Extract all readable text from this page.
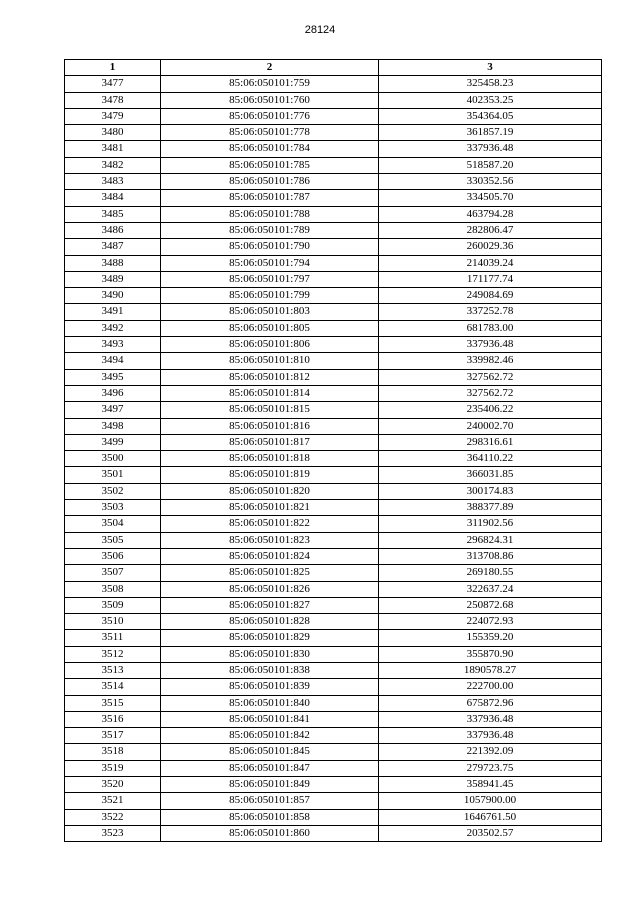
28124
1	2	3
3477	85:06:050101:759	325458.23
3478	85:06:050101:760	402353.25
3479	85:06:050101:776	354364.05
3480	85:06:050101:778	361857.19
3481	85:06:050101:784	337936.48
3482	85:06:050101:785	518587.20
3483	85:06:050101:786	330352.56
3484	85:06:050101:787	334505.70
3485	85:06:050101:788	463794.28
3486	85:06:050101:789	282806.47
3487	85:06:050101:790	260029.36
3488	85:06:050101:794	214039.24
3489	85:06:050101:797	171177.74
3490	85:06:050101:799	249084.69
3491	85:06:050101:803	337252.78
3492	85:06:050101:805	681783.00
3493	85:06:050101:806	337936.48
3494	85:06:050101:810	339982.46
3495	85:06:050101:812	327562.72
3496	85:06:050101:814	327562.72
3497	85:06:050101:815	235406.22
3498	85:06:050101:816	240002.70
3499	85:06:050101:817	298316.61
3500	85:06:050101:818	364110.22
3501	85:06:050101:819	366031.85
3502	85:06:050101:820	300174.83
3503	85:06:050101:821	388377.89
3504	85:06:050101:822	311902.56
3505	85:06:050101:823	296824.31
3506	85:06:050101:824	313708.86
3507	85:06:050101:825	269180.55
3508	85:06:050101:826	322637.24
3509	85:06:050101:827	250872.68
3510	85:06:050101:828	224072.93
3511	85:06:050101:829	155359.20
3512	85:06:050101:830	355870.90
3513	85:06:050101:838	1890578.27
3514	85:06:050101:839	222700.00
3515	85:06:050101:840	675872.96
3516	85:06:050101:841	337936.48
3517	85:06:050101:842	337936.48
3518	85:06:050101:845	221392.09
3519	85:06:050101:847	279723.75
3520	85:06:050101:849	358941.45
3521	85:06:050101:857	1057900.00
3522	85:06:050101:858	1646761.50
3523	85:06:050101:860	203502.57
